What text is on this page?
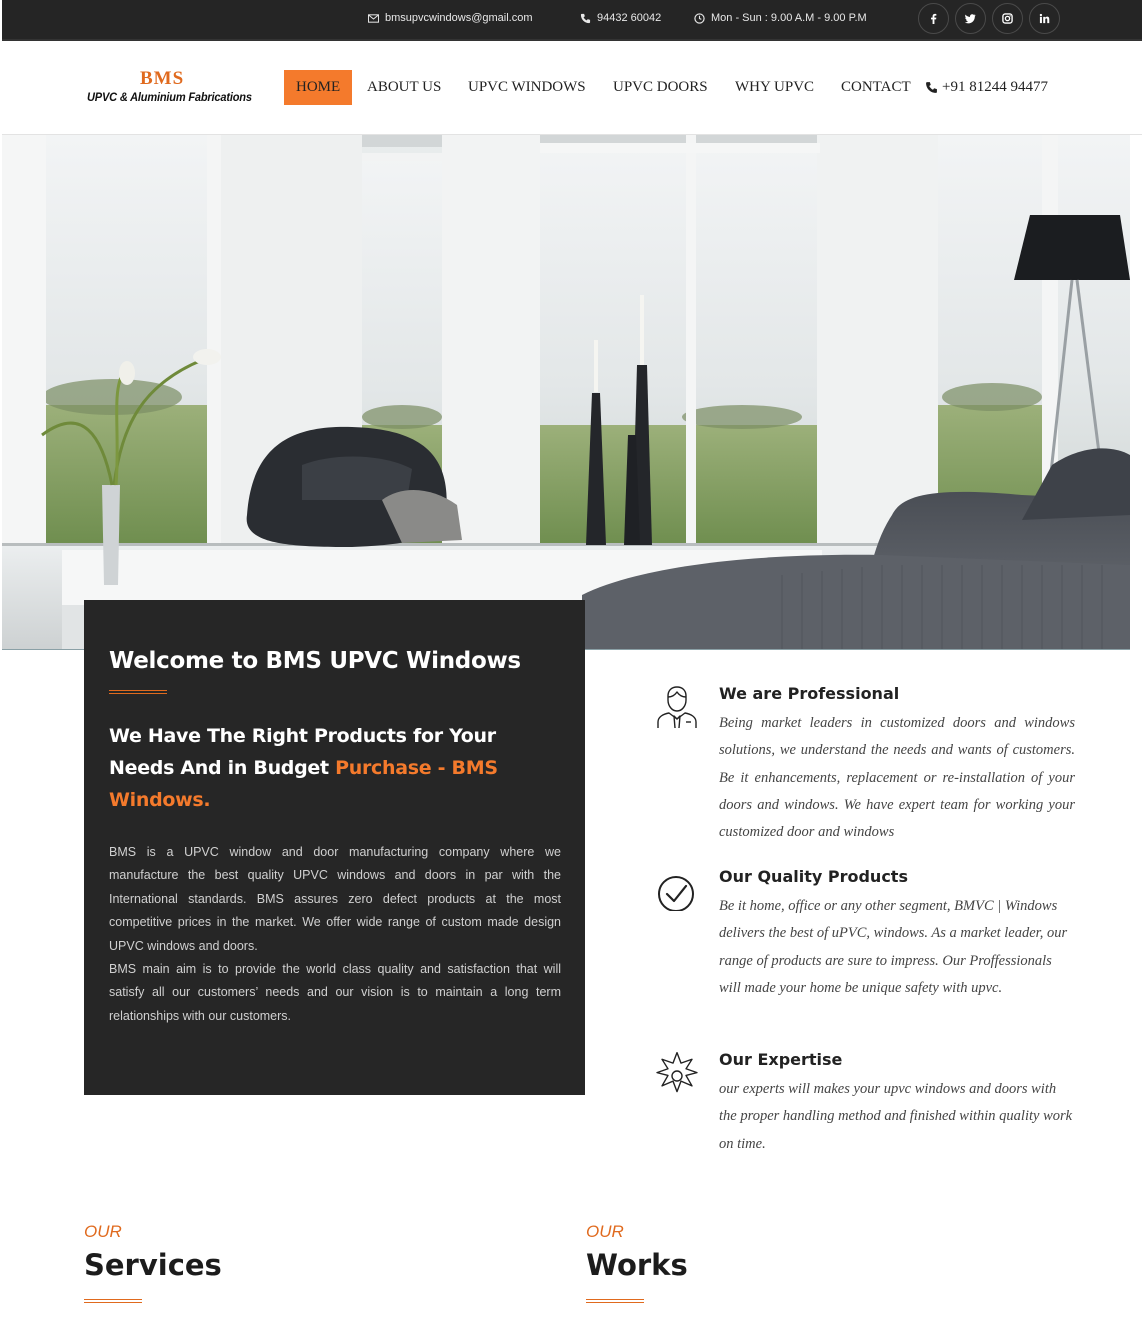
bmsupvcwindows@gmail.com	94432 60042	Mon - Sun : 9.00 A.M - 9.00 P.M
BMS
UPVC & Aluminium Fabrications
HOME	ABOUT US UPVC WINDOWS UPVC DOORS WHY UPVC CONTACT +91 81244 94477
Welcome to BMS UPVC Windows
We Have The Right Products for Your Needs And in Budget Purchase - BMS Windows.

BMS is a UPVC window and door manufacturing company where we manufacture the best quality UPVC windows and doors in par with the International standards. BMS assures zero defect products at the most competitive prices in the market. We offer wide range of custom made design UPVC windows and doors.

BMS main aim is to provide the world class quality and satisfaction that will satisfy all our customers’ needs and our vision is to maintain a long term relationships with our customers.

We are Professional

Being market leaders in customized doors and windows solutions, we understand the needs and wants of customers. Be it enhancements, replacement or re-installation of your doors and windows. We have expert team for working your customized door and windows

Our Quality Products

Be it home, office or any other segment, BMVC | Windows delivers the best of uPVC, windows. As a market leader, our range of products are sure to impress. Our Proffessionals will made your home be unique safety with upvc.

Our Expertise

our experts will makes your upvc windows and doors with the proper handling method and finished within quality work on time.

OUR
Services
OUR
Works
